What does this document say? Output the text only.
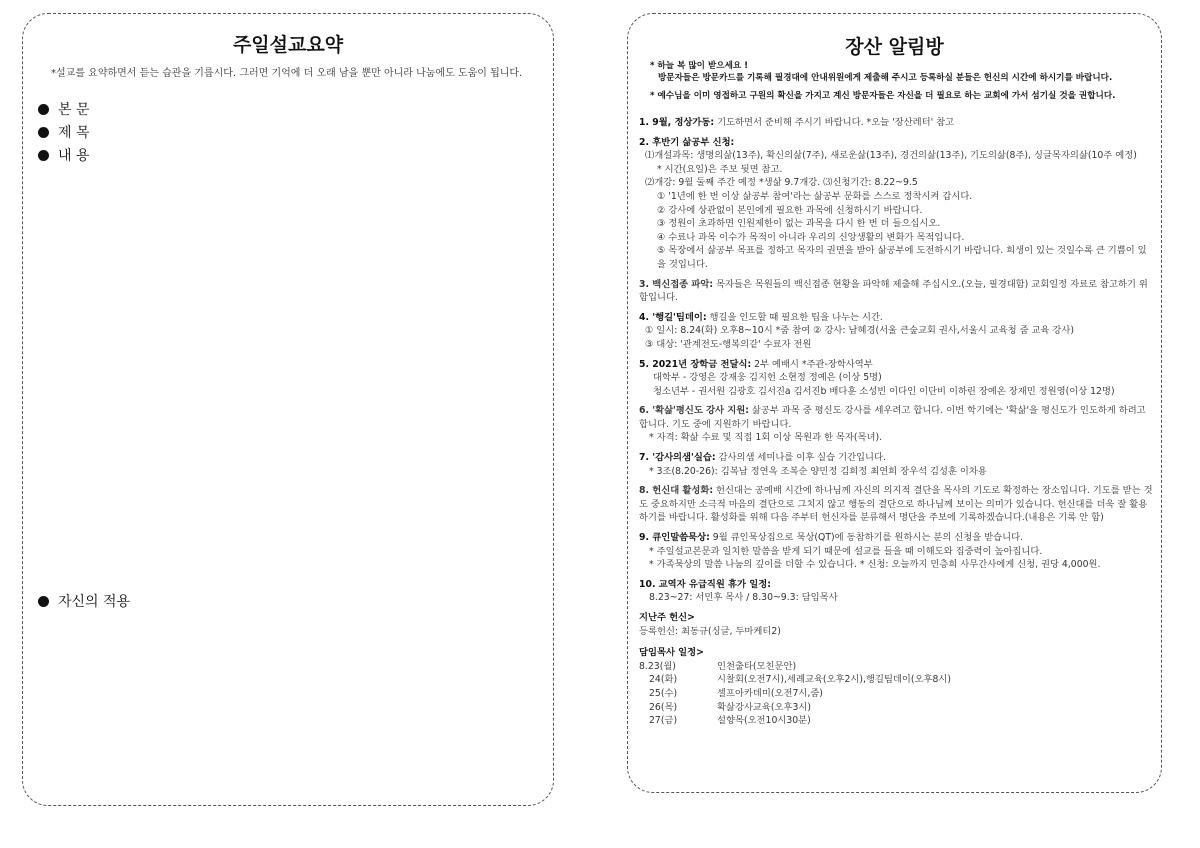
주일설교요약
*설교를 요약하면서 듣는 습관을 기릅시다. 그러면 기억에 더 오래 남을 뿐만 아니라 나눔에도 도움이 됩니다.
본 문
제 목
내 용
자신의 적용
장산 알림방
* 하늘 복 많이 받으세요 !
방문자들은 방문카드를 기록해 필경대에 안내위원에게 제출해 주시고 등록하실 분들은 헌신의 시간에 하시기를 바랍니다.
* 예수님을 이미 영접하고 구원의 확신을 가지고 계신 방문자들은 자신을 더 필요로 하는 교회에 가서 섬기실 것을 권합니다.
1. 9월, 정상가동: 기도하면서 준비해 주시기 바랍니다. *오늘 '장산레터' 참고
2. 후반기 삶공부 신청:
⑴개설과목: 생명의삶(13주), 확신의삶(7주), 새로운삶(13주), 경건의삶(13주), 기도의삶(8주), 싱글목자의삶(10주 예정)
* 시간(요일)은 주보 뒷면 참고.
⑵개강: 9월 둘째 주간 예정 *생삶 9.7개강. ⑶신청기간: 8.22~9.5
① '1년에 한 번 이상 삶공부 참여'라는 삶공부 문화를 스스로 정착시켜 갑시다.
② 강사에 상관없이 본인에게 필요한 과목에 신청하시기 바랍니다.
③ 정원이 초과하면 인원제한이 없는 과목을 다시 한 번 더 들으십시오.
④ 수료나 과목 이수가 목적이 아니라 우리의 신앙생활의 변화가 목적입니다.
⑤ 목장에서 삶공부 목표를 정하고 목자의 권면을 받아 삶공부에 도전하시기 바랍니다. 희생이 있는 것일수록 큰 기쁨이 있을 것입니다.
3. 백신접종 파악: 목자들은 목원들의 백신접종 현황을 파악해 제출해 주십시오.(오늘, 필경대함) 교회일정 자료로 참고하기 위함입니다.
4. '행길'팀데이: 행길을 인도할 때 필요한 팁을 나누는 시간.
① 일시: 8.24(화) 오후8~10시 *줌 참여 ② 강사: 남혜경(서울 큰숲교회 권사,서울시 교육청 줌 교육 강사)
③ 대상: '관계전도-행복의같' 수료자 전원
5. 2021년 장학금 전달식: 2부 예배시 *주관-장학사역부
대학부 - 강영은 강재웅 김지헌 소현정 정예은 (이상 5명)
청소년부 - 권서원 김광호 김서진a 김서진b 배다훈 소성빈 이다인 이단비 이하린 장예온 장재민 정원영(이상 12명)
6. '확삶'평신도 강사 지원: 삶공부 과목 중 평신도 강사를 세우려고 합니다. 이번 학기에는 '확삶'을 평신도가 인도하게 하려고 합니다. 기도 중에 지원하기 바랍니다.
* 자격: 확삶 수료 및 직접 1회 이상 목원과 한 목자(목녀).
7. '감사의샘'실습: 감사의샘 세미나를 이후 실습 기간입니다.
* 3조(8.20-26): 김복남 정연옥 조복순 양민정 김희정 최연희 장우석 김성훈 이차용
8. 헌신대 활성화: 헌신대는 공예배 시간에 하나님께 자신의 의지적 결단을 목사의 기도로 확정하는 장소입니다. 기도를 받는 것도 중요하지만 소극적 마음의 결단으로 그치지 않고 행동의 결단으로 하나님께 보이는 의미가 있습니다. 헌신대를 더욱 잘 활용하기를 바랍니다. 활성화를 위해 다음 주부터 헌신자를 분류해서 명단을 주보에 기록하겠습니다.(내용은 기록 안 함)
9. 큐인말씀묵상: 9월 큐인묵상집으로 묵상(QT)에 동참하기를 원하시는 분의 신청을 받습니다.
* 주일설교본문과 일치한 말씀을 받게 되기 때문에 설교를 들을 때 이해도와 집중력이 높아집니다.
* 가족묵상의 말씀 나눔의 깊이를 더할 수 있습니다. * 신청: 오늘까지 민층희 사무간사에게 신청, 권당 4,000원.
10. 교역자 유급직원 휴가 일정:
8.23~27: 서민후 목사 / 8.30~9.3: 담임목사
지난주 헌신>
등록헌신: 최동규(싱글, 두마케티2)
담임목사 일정>
8.23(월)	인천출타(모친문안)
24(화)	시찰회(오전7시),세례교육(오후2시),행길팀데이(오후8시)
25(수)	셀프아카데미(오전7시,줌)
26(목)	확삶강사교육(오후3시)
27(금)	설향목(오전10시30분)
